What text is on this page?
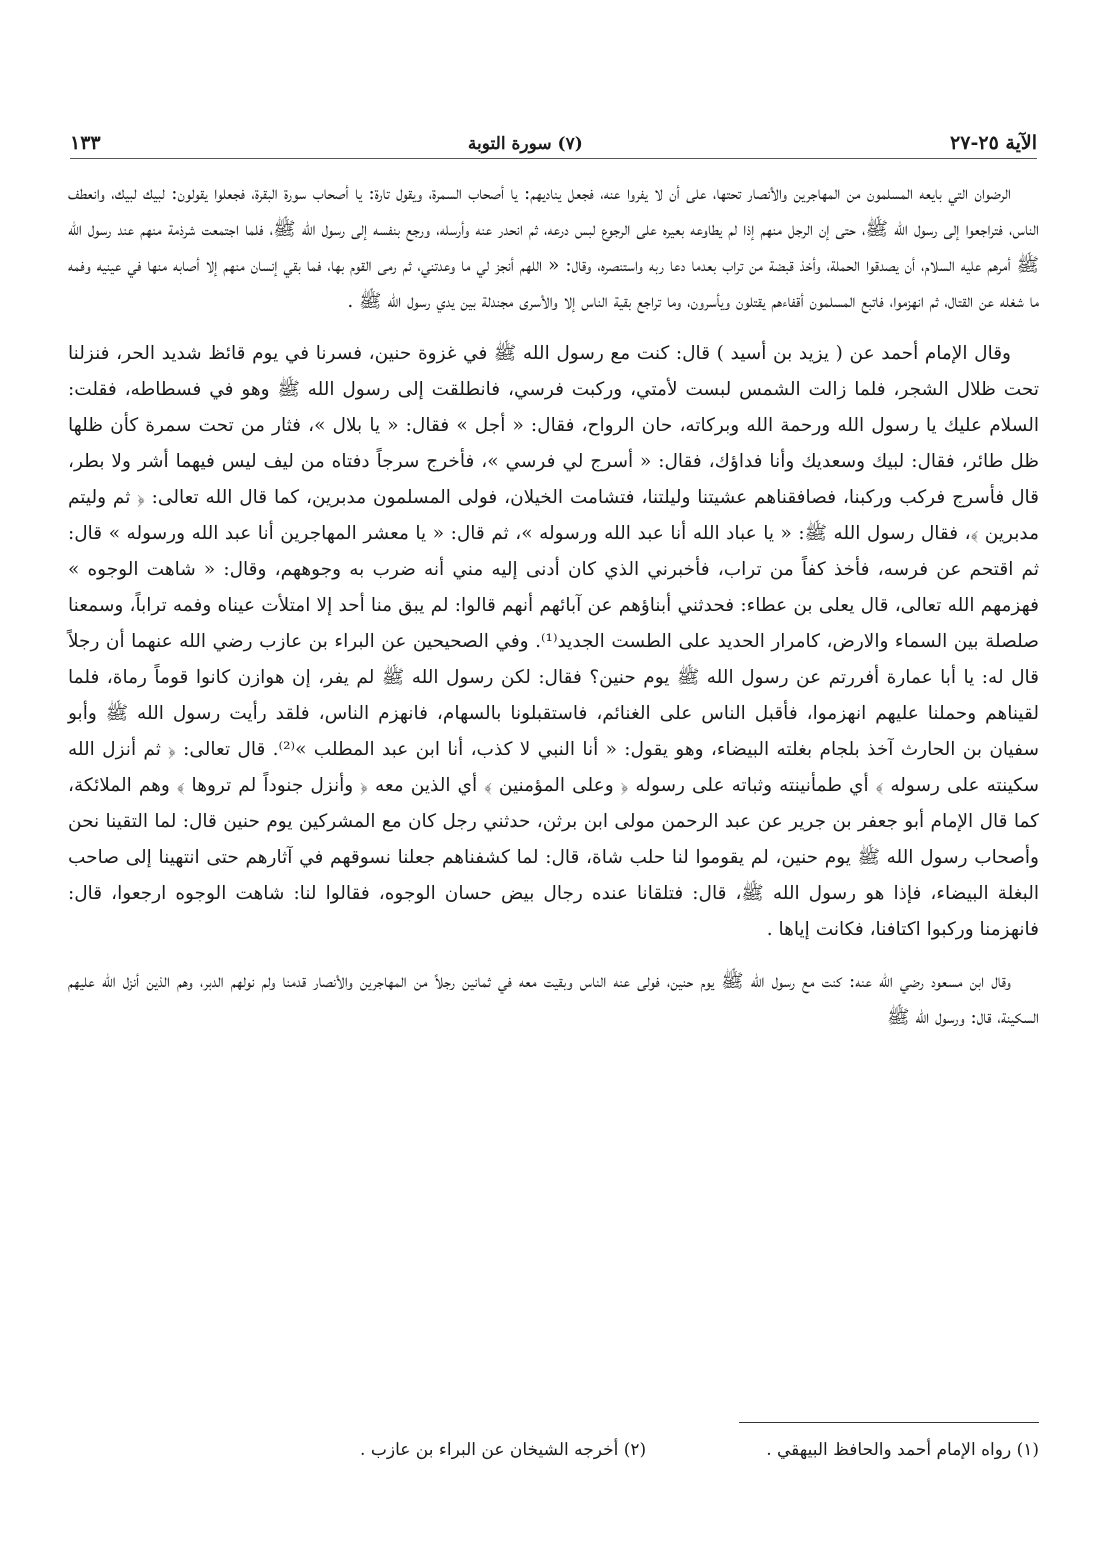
الآية ٢٥-٢٧
(٧) سورة التوبة
١٣٣

الرضوان التي بايعه المسلمون من المهاجرين والأنصار تحتها، على أن لا يفروا عنه، فجعل يناديهم: يا أصحاب السمرة، ويقول تارة: يا أصحاب سورة البقرة، فجعلوا يقولون: لبيك لبيك، وانعطف الناس، فتراجعوا إلى رسول الله ﷺ، حتى إن الرجل منهم إذا لم يطاوعه بعيره على الرجوع لبس درعه، ثم انحدر عنه وأرسله، ورجع بنفسه إلى رسول الله ﷺ، فلما اجتمعت شرذمة منهم عند رسول الله ﷺ أمرهم عليه السلام، أن يصدقوا الحملة، وأخذ قبضة من تراب بعدما دعا ربه واستنصره، وقال: « اللهم أنجز لي ما وعدتني، ثم رمى القوم بها، فما بقي إنسان منهم إلا أصابه منها في عينيه وفمه ما شغله عن القتال، ثم انهزموا، فاتبع المسلمون أقفاءهم يقتلون ويأسرون، وما تراجع بقية الناس إلا والأسرى مجندلة بين يدي رسول الله ﷺ .

وقال الإمام أحمد عن ( يزيد بن أسيد ) قال: كنت مع رسول الله ﷺ في غزوة حنين، فسرنا في يوم قائظ شديد الحر، فنزلنا تحت ظلال الشجر، فلما زالت الشمس لبست لأمتي، وركبت فرسي، فانطلقت إلى رسول الله ﷺ وهو في فسطاطه، فقلت: السلام عليك يا رسول الله ورحمة الله وبركاته، حان الرواح، فقال: « أجل » فقال: « يا بلال »، فثار من تحت سمرة كأن ظلها ظل طائر، فقال: لبيك وسعديك وأنا فداؤك، فقال: « أسرج لي فرسي »، فأخرج سرجاً دفتاه من ليف ليس فيهما أشر ولا بطر، قال فأسرج فركب وركبنا، فصافقناهم عشيتنا وليلتنا، فتشامت الخيلان، فولى المسلمون مدبرين، كما قال الله تعالى: ﴿ ثم وليتم مدبرين ﴾، فقال رسول الله ﷺ: « يا عباد الله أنا عبد الله ورسوله »، ثم قال: « يا معشر المهاجرين أنا عبد الله ورسوله » قال: ثم اقتحم عن فرسه، فأخذ كفاً من تراب، فأخبرني الذي كان أدنى إليه مني أنه ضرب به وجوههم، وقال: « شاهت الوجوه » فهزمهم الله تعالى، قال يعلى بن عطاء: فحدثني أبناؤهم عن آبائهم أنهم قالوا: لم يبق منا أحد إلا امتلأت عيناه وفمه تراباً، وسمعنا صلصلة بين السماء والارض، كامرار الحديد على الطست الجديد⁽¹⁾. وفي الصحيحين عن البراء بن عازب رضي الله عنهما أن رجلاً قال له: يا أبا عمارة أفررتم عن رسول الله ﷺ يوم حنين؟ فقال: لكن رسول الله ﷺ لم يفر، إن هوازن كانوا قوماً رماة، فلما لقيناهم وحملنا عليهم انهزموا، فأقبل الناس على الغنائم، فاستقبلونا بالسهام، فانهزم الناس، فلقد رأيت رسول الله ﷺ وأبو سفيان بن الحارث آخذ بلجام بغلته البيضاء، وهو يقول: « أنا النبي لا كذب، أنا ابن عبد المطلب »⁽²⁾. قال تعالى: ﴿ ثم أنزل الله سكينته على رسوله ﴾ أي طمأنينته وثباته على رسوله ﴿ وعلى المؤمنين ﴾ أي الذين معه ﴿ وأنزل جنوداً لم تروها ﴾ وهم الملائكة، كما قال الإمام أبو جعفر بن جرير عن عبد الرحمن مولى ابن برثن، حدثني رجل كان مع المشركين يوم حنين قال: لما التقينا نحن وأصحاب رسول الله ﷺ يوم حنين، لم يقوموا لنا حلب شاة، قال: لما كشفناهم جعلنا نسوقهم في آثارهم حتى انتهينا إلى صاحب البغلة البيضاء، فإذا هو رسول الله ﷺ، قال: فتلقانا عنده رجال بيض حسان الوجوه، فقالوا لنا: شاهت الوجوه ارجعوا، قال: فانهزمنا وركبوا اكتافنا، فكانت إياها .

وقال ابن مسعود رضي الله عنه: كنت مع رسول الله ﷺ يوم حنين، فولى عنه الناس وبقيت معه في ثمانين رجلاً من المهاجرين والأنصار قدمنا ولم نولهم الدبر، وهم الذين أنزل الله عليهم السكينة، قال: ورسول الله ﷺ

(١) رواه الإمام أحمد والحافظ البيهقي .
(٢) أخرجه الشيخان عن البراء بن عازب .
